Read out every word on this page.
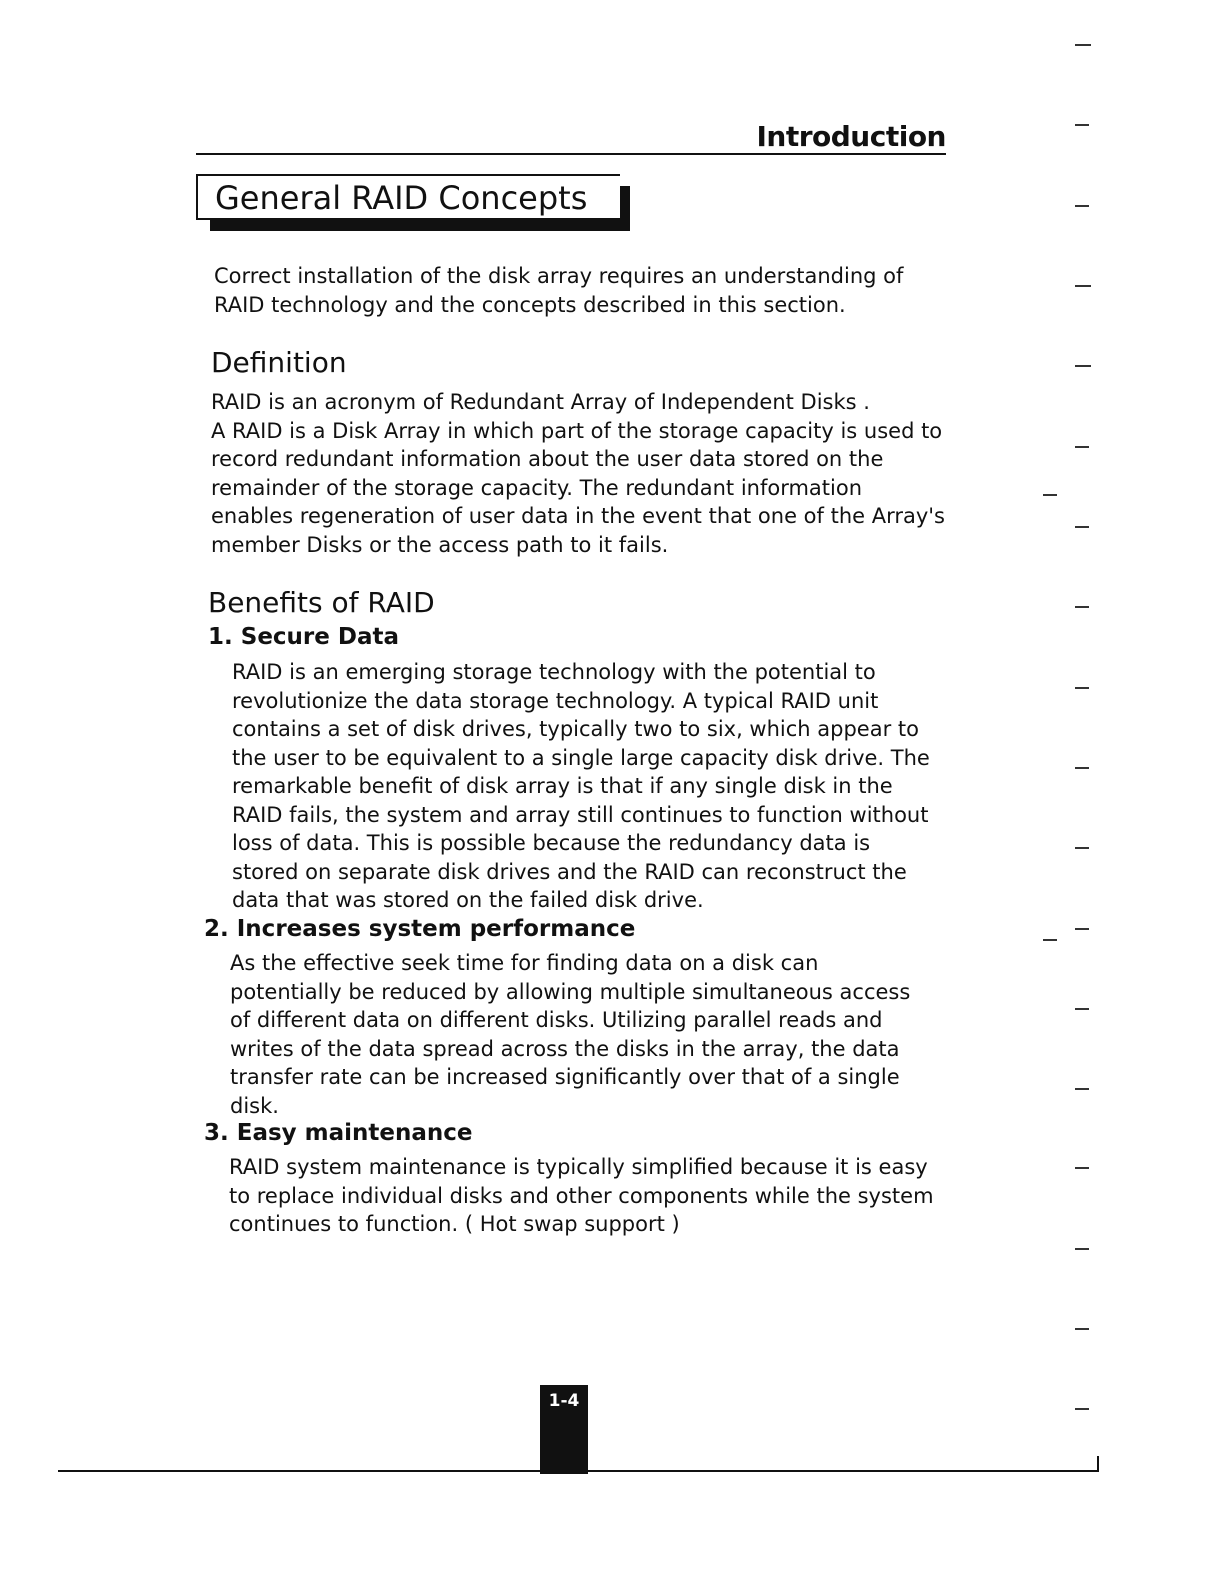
Introduction
General RAID Concepts
Correct installation of the disk array requires an understanding of RAID technology and the concepts described in this section.
Definition
RAID is an acronym of Redundant Array of Independent Disks .
A RAID is a Disk Array in which part of the storage capacity is used to record redundant information about the user data stored on the remainder of the storage capacity. The redundant information enables regeneration of user data in the event that one of the Array's member Disks or the access path to it fails.
Benefits of RAID
1. Secure Data
RAID is an emerging storage technology with the potential to revolutionize the data storage technology. A typical RAID unit contains a set of disk drives, typically two to six, which appear to the user to be equivalent to a single large capacity disk drive. The remarkable benefit of disk array is that if any single disk in the RAID fails, the system and array still continues to function without loss of data. This is possible because the redundancy data is stored on separate disk drives and the RAID can reconstruct the data that was stored on the failed disk drive.
2. Increases system performance
As the effective seek time for finding data on a disk can potentially be reduced by allowing multiple simultaneous access of different data on different disks. Utilizing parallel reads and writes of the data spread across the disks in the array, the data transfer rate can be increased significantly over that of a single disk.
3. Easy maintenance
RAID system maintenance is typically simplified because it is easy to replace individual disks and other components while the system continues to function. ( Hot swap support )
1-4
